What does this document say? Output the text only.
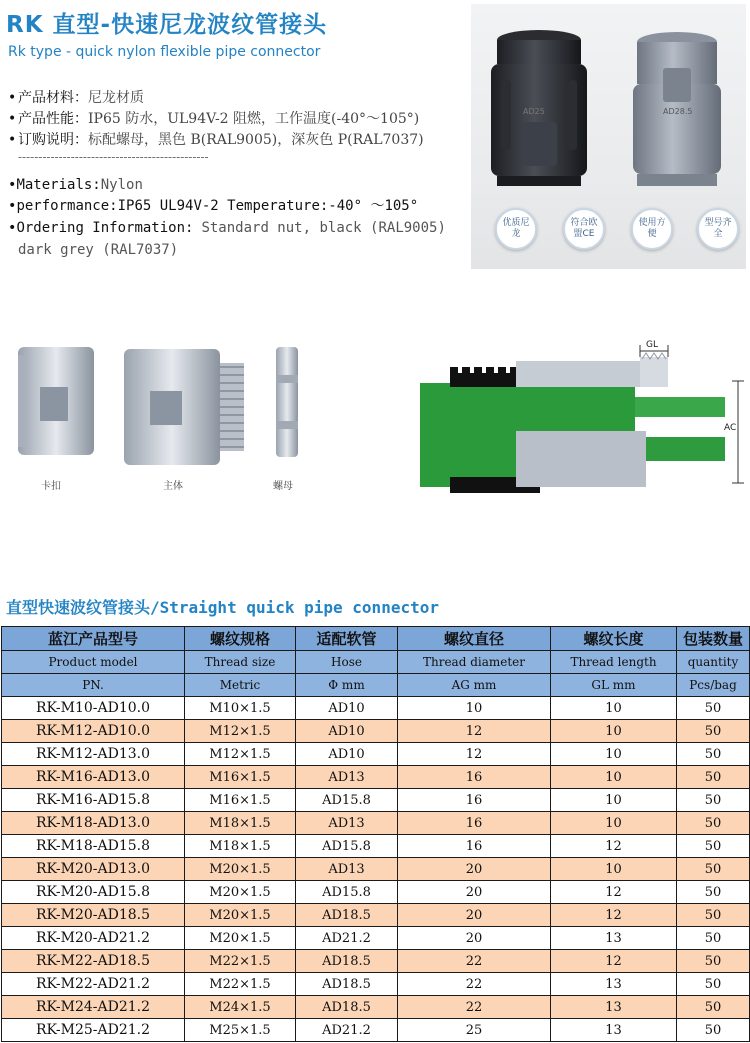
RK 直型-快速尼龙波纹管接头
Rk type - quick nylon flexible pipe connector
• 产品材料：尼龙材质
• 产品性能：IP65 防水，UL94V-2 阻燃，工作温度(-40°～105°)
• 订购说明：标配螺母，黑色 B(RAL9005)，深灰色 P(RAL7037)
-----------------------------------------------
•Materials:Nylon
•performance:IP65 UL94V-2 Temperature:-40° ～105°
•Ordering Information: Standard nut, black (RAL9005)
dark grey (RAL7037)
AD25	AD28.5
优质尼龙
符合欧盟CE
使用方便
型号齐全
卡扣	主体	螺母
GL
AC
直型快速波纹管接头/Straight quick pipe connector
蓝江产品型号	螺纹规格	适配软管	螺纹直径	螺纹长度	包装数量
Product model	Thread size	Hose	Thread diameter	Thread length	quantity
PN.	Metric	Φ mm	AG mm	GL mm	Pcs/bag
RK-M10-AD10.0	M10×1.5	AD10	10	10	50
RK-M12-AD10.0	M12×1.5	AD10	12	10	50
RK-M12-AD13.0	M12×1.5	AD10	12	10	50
RK-M16-AD13.0	M16×1.5	AD13	16	10	50
RK-M16-AD15.8	M16×1.5	AD15.8	16	10	50
RK-M18-AD13.0	M18×1.5	AD13	16	10	50
RK-M18-AD15.8	M18×1.5	AD15.8	16	12	50
RK-M20-AD13.0	M20×1.5	AD13	20	10	50
RK-M20-AD15.8	M20×1.5	AD15.8	20	12	50
RK-M20-AD18.5	M20×1.5	AD18.5	20	12	50
RK-M20-AD21.2	M20×1.5	AD21.2	20	13	50
RK-M22-AD18.5	M22×1.5	AD18.5	22	12	50
RK-M22-AD21.2	M22×1.5	AD18.5	22	13	50
RK-M24-AD21.2	M24×1.5	AD18.5	22	13	50
RK-M25-AD21.2	M25×1.5	AD21.2	25	13	50
